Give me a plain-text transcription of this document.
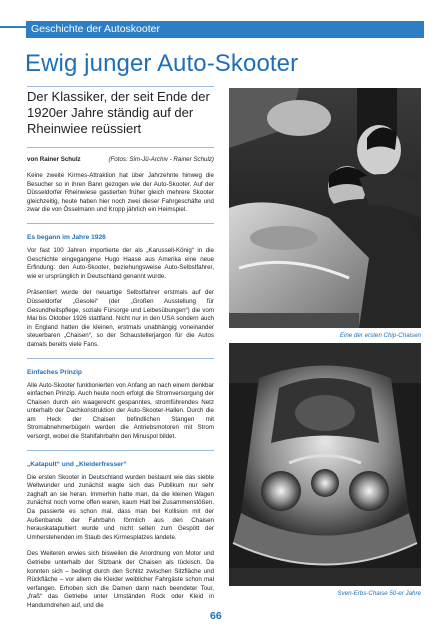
Geschichte der Autoskooter
Ewig junger Auto-Skooter
Der Klassiker, der seit Ende der 1920er Jahre ständig auf der Rheinwiee reüssiert
von Rainer Schulz	(Fotos: Sim-Jü-Archiv - Rainer Schulz)

Keine zweite Kirmes-Attraktion hat über Jahrzehnte hinweg die Besucher so in ihren Bann gezogen wie der Auto-Skooter. Auf der Düsseldorfer Rheinwiese gastierten früher gleich mehrere Skooter gleichzeitig, heute haben hier noch zwei dieser Fahrgeschäfte und zwar die von Össelmann und Kropp jährlich ein Heimspiel.

Es begann im Jahre 1926

Vor fast 100 Jahren importierte der als „Karussell-König“ in die Geschichte eingegangene Hugo Haase aus Amerika eine neue Erfindung: den Auto-Skooter, beziehungsweise Auto-Selbstfahrer, wie er ursprünglich in Deutschland genannt wurde.

Präsentiert wurde der neuartige Selbstfahrer erstmals auf der Düsseldorfer „Gesolei“ (der „Großen Ausstellung für Gesundheitspflege, soziale Fürsorge und Leibesübungen“) die vom Mai bis Oktober 1926 stattfand. Nicht nur in den USA sondern auch in England hatten die kleinen, erstmals unabhängig voneinander steuerbaren „Chaisen“, so der Schaustellerjargon für die Autos damals bereits viele Fans.

Einfaches Prinzip

Alle Auto-Skooter funktionierten von Anfang an nach einem denkbar einfachen Prinzip. Auch heute noch erfolgt die Stromversorgung der Chaisen durch ein waagerecht gespanntes, stromführendes Netz unterhalb der Dachkonstruktion der Auto-Skooter-Hallen. Durch die am Heck der Chaisen befindlichen Stangen mit Stromabnehmerbügeln werden die Antriebsmotoren mit Strom versorgt, wobei die Stahlfahrbahn den Minuspol bildet.

„Katapult“ und „Kleiderfresser“

Die ersten Skooter in Deutschland wurden bestaunt wie das siebte Weltwunder und zunächst wagte sich das Publikum nur sehr zaghaft an sie heran. Immerhin hatte man, da die kleinen Wagen zunächst noch vorne offen waren, kaum Halt bei Zusammenstößen. Da passierte es schon mal, dass man bei Kollision mit der Außenbande der Fahrbahn förmlich aus den Chaisen herauskatapultiert wurde und nicht selten zum Gespött der Umherstehenden im Staub des Kirmesplatzes landete.

Des Weiteren erwies sich bisweilen die Anordnung von Motor und Getriebe unterhalb der Sitzbank der Chaisen als tückisch. Da konnten sich – bedingt durch den Schlitz zwischen Sitzfläche und Rückfläche – vor allem die Kleider weiblicher Fahrgäste schon mal verfangen. Erhoben sich die Damen dann nach beendeter Tour, „fraß“ das Getriebe unter Umständen Rock oder Kleid in Handumdrehen auf, und die

Eine der ersten Chip-Chaisen
Sven-Erbs-Chaise 50-er Jahre
66
